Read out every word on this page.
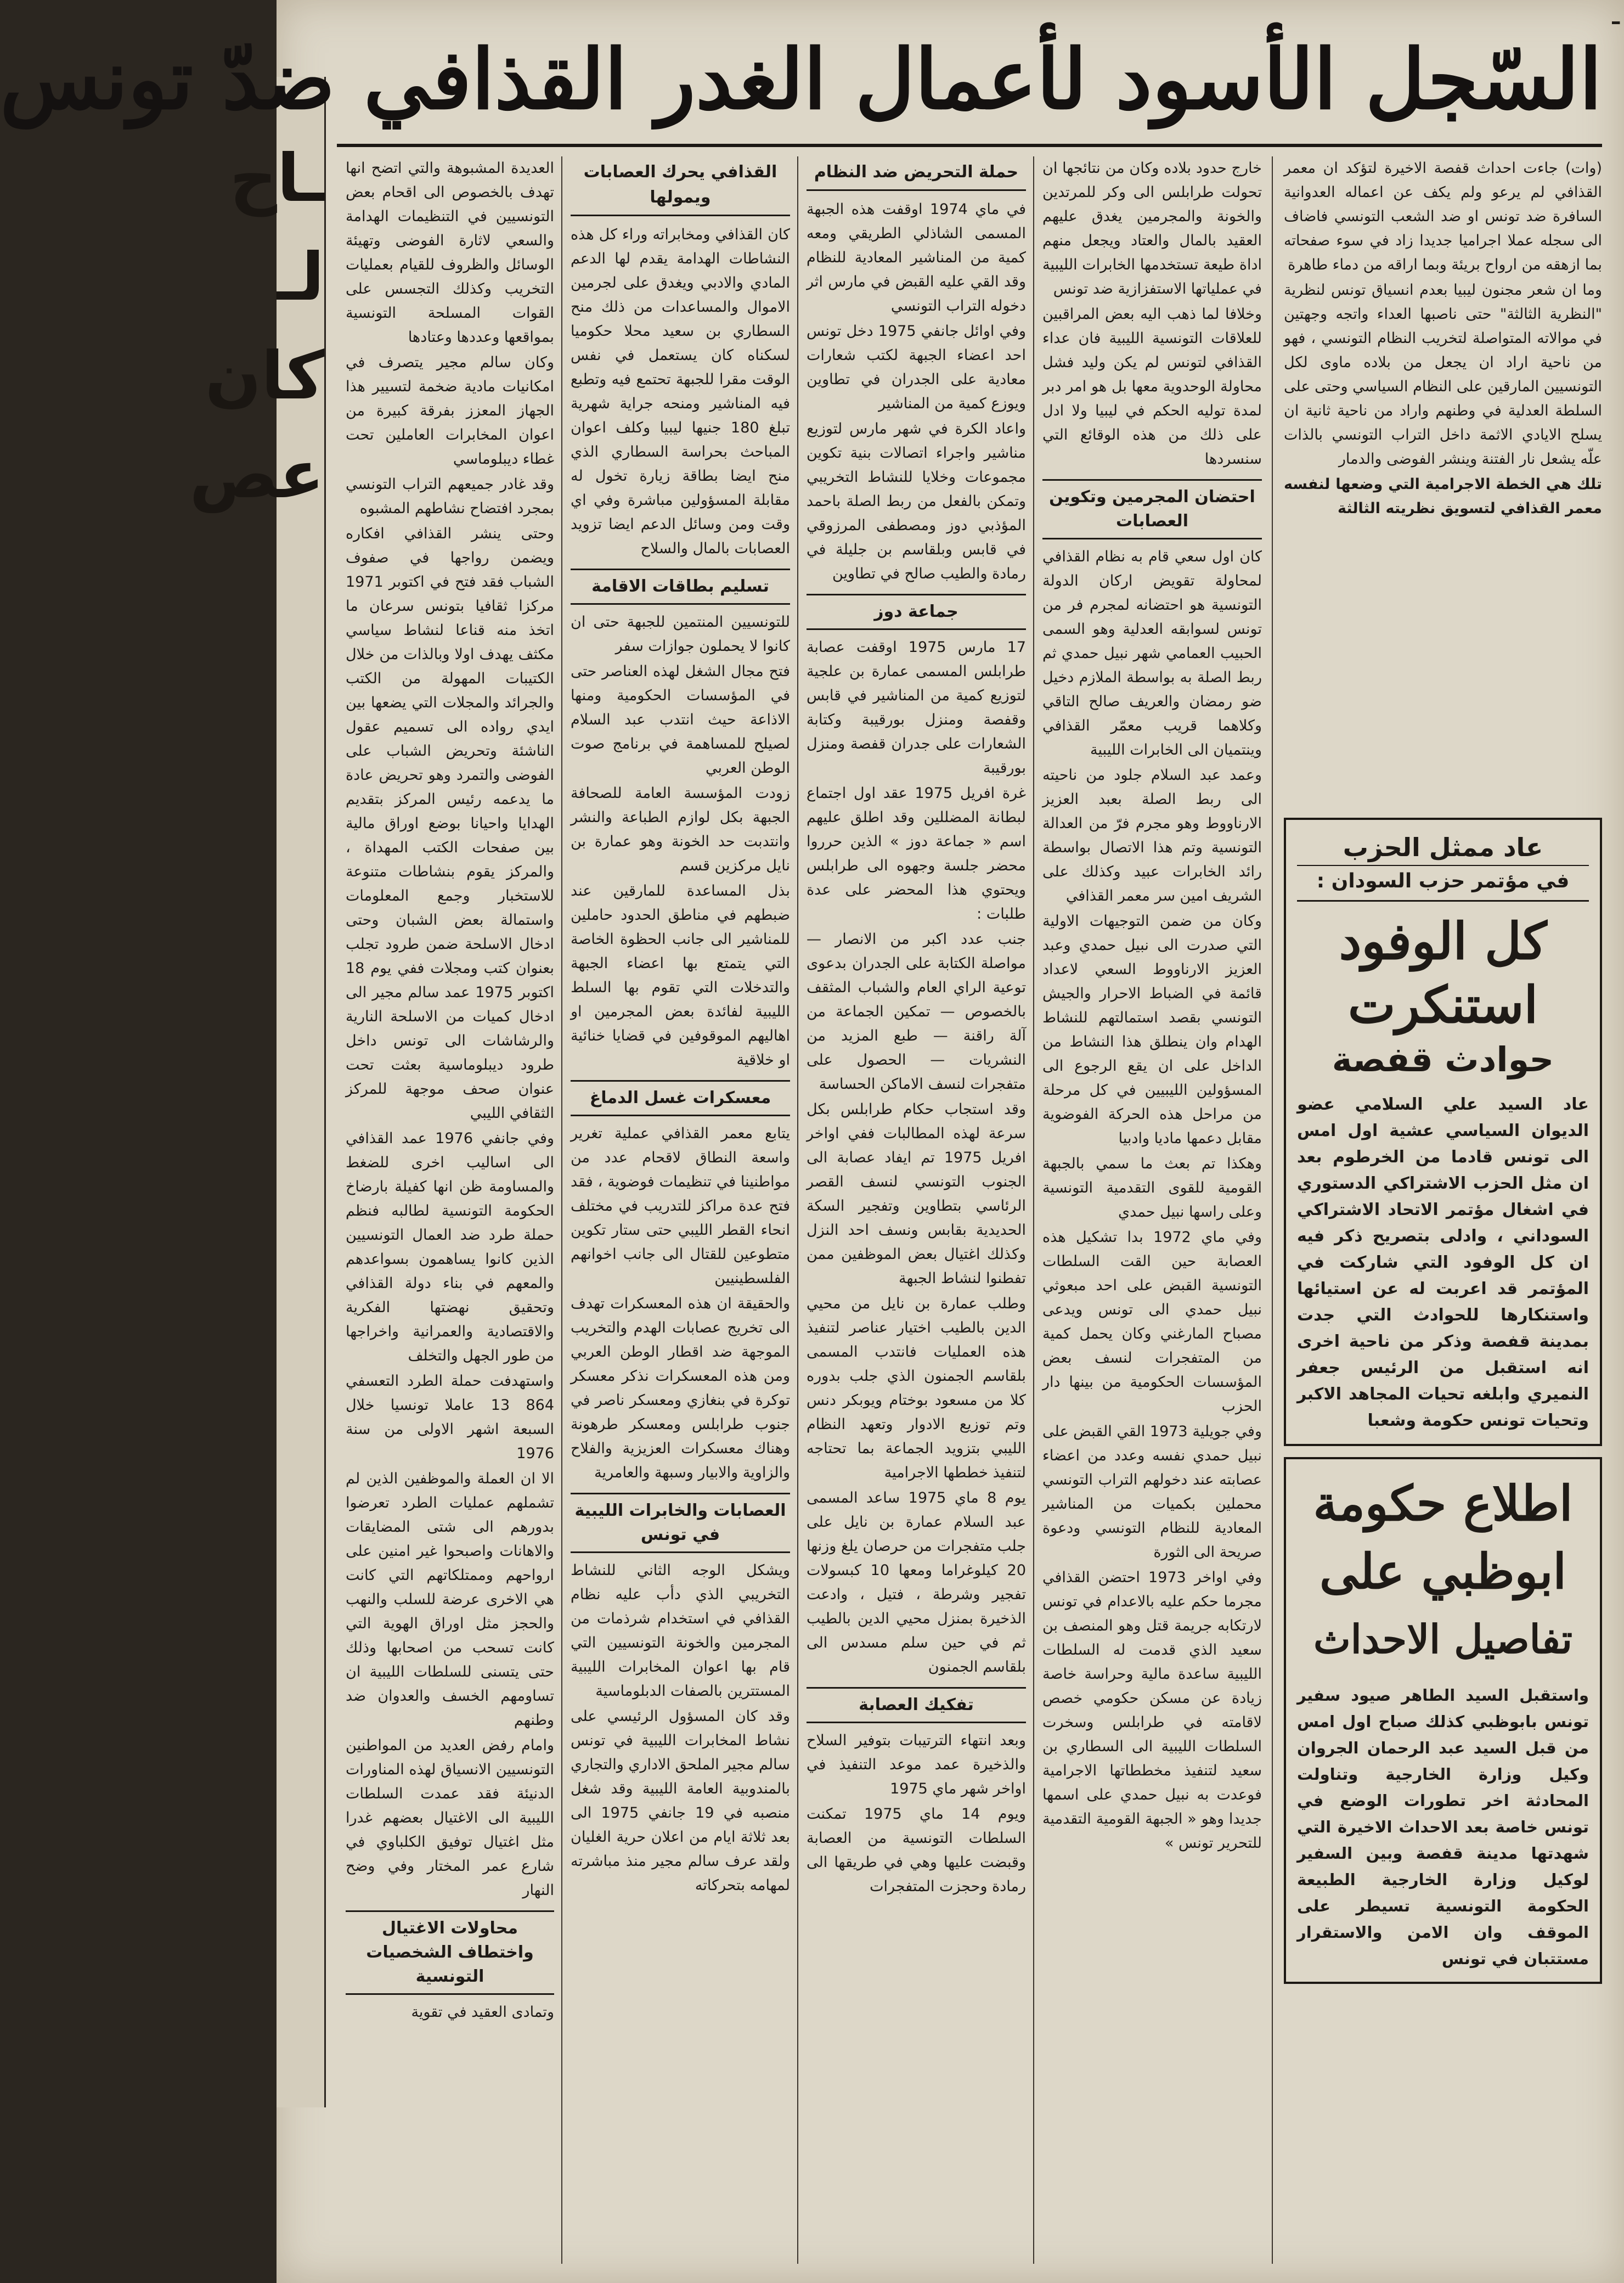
ـ
ـاح
لـ
كان
عص
السّجل الأسود لأعمال الغدر القذافي ضدّ تونس

(وات) جاءت احداث قفصة الاخيرة لتؤكد ان معمر القذافي لم يرعو ولم يكف عن اعماله العدوانية السافرة ضد تونس او ضد الشعب التونسي فاضاف الى سجله عملا اجراميا جديدا زاد في سوء صفحاته بما ازهقه من ارواح بريئة وبما اراقه من دماء طاهرة

وما ان شعر مجنون ليبيا بعدم انسياق تونس لنظرية "النظرية الثالثة" حتى ناصبها العداء واتجه وجهتين في موالاته المتواصلة لتخريب النظام التونسي ، فهو من ناحية اراد ان يجعل من بلاده ماوى لكل التونسيين المارقين على النظام السياسي وحتى على السلطة العدلية في وطنهم واراد من ناحية ثانية ان يسلح الايادي الاثمة داخل التراب التونسي بالذات علّه يشعل نار الفتنة وينشر الفوضى والدمار

تلك هي الخطة الاجرامية التي وضعها لنفسه معمر القذافي لتسويق نظريته الثالثة

عاد ممثل الحزب
في مؤتمر حزب السودان :
كل الوفود استنكرت
حوادث قفصة
عاد السيد علي السلامي عضو الديوان السياسي عشية اول امس الى تونس قادما من الخرطوم بعد ان مثل الحزب الاشتراكي الدستوري في اشغال مؤتمر الاتحاد الاشتراكي السوداني ، وادلى بتصريح ذكر فيه ان كل الوفود التي شاركت في المؤتمر قد اعربت له عن استيائها واستنكارها للحوادث التي جدت بمدينة قفصة وذكر من ناحية اخرى انه استقبل من الرئيس جعفر النميري وابلغه تحيات المجاهد الاكبر وتحيات تونس حكومة وشعبا
اطلاع حكومة
ابوظبي على
تفاصيل الاحداث
واستقبل السيد الطاهر صيود سفير تونس بابوظبي كذلك صباح اول امس من قبل السيد عبد الرحمان الجروان وكيل وزارة الخارجية وتناولت المحادثة اخر تطورات الوضع في تونس خاصة بعد الاحداث الاخيرة التي شهدتها مدينة قفصة وبين السفير لوكيل وزارة الخارجية الطبيعة الحكومة التونسية تسيطر على الموقف وان الامن والاستقرار مستتبان في تونس

خارج حدود بلاده وكان من نتائجها ان تحولت طرابلس الى وكر للمرتدين والخونة والمجرمين يغدق عليهم العقيد بالمال والعتاد ويجعل منهم اداة طيعة تستخدمها الخابرات الليبية في عملياتها الاستفزازية ضد تونس

وخلافا لما ذهب اليه بعض المراقبين للعلاقات التونسية الليبية فان عداء القذافي لتونس لم يكن وليد فشل محاولة الوحدوية معها بل هو امر دبر لمدة توليه الحكم في ليبيا ولا ادل على ذلك من هذه الوقائع التي سنسردها

احتضان المجرمين وتكوين العصابات

كان اول سعي قام به نظام القذافي لمحاولة تقويض اركان الدولة التونسية هو احتضانه لمجرم فر من تونس لسوابقه العدلية وهو السمى الحبيب العمامي شهر نبيل حمدي ثم ربط الصلة به بواسطة الملازم دخيل ضو رمضان والعريف صالح التاقي وكلاهما قريب معمّر القذافي وينتميان الى الخابرات الليبية

وعمد عبد السلام جلود من ناحيته الى ربط الصلة بعبد العزيز الارناووط وهو مجرم فرّ من العدالة التونسية وتم هذا الاتصال بواسطة رائد الخابرات عبيد وكذلك على الشريف امين سر معمر القذافي

وكان من ضمن التوجيهات الاولية التي صدرت الى نبيل حمدي وعبد العزيز الارناووط السعي لاعداد قائمة في الضباط الاحرار والجيش التونسي بقصد استمالتهم للنشاط الهدام وان ينطلق هذا النشاط من الداخل على ان يقع الرجوع الى المسؤولين الليبيين في كل مرحلة من مراحل هذه الحركة الفوضوية مقابل دعمها ماديا وادبيا

وهكذا تم بعث ما سمي بالجبهة القومية للقوى التقدمية التونسية وعلى راسها نبيل حمدي

وفي ماي 1972 بدا تشكيل هذه العصابة حين القت السلطات التونسية القبض على احد مبعوثي نبيل حمدي الى تونس ويدعى مصباح المارغني وكان يحمل كمية من المتفجرات لنسف بعض المؤسسات الحكومية من بينها دار الحزب

وفي جويلية 1973 القي القبض على نبيل حمدي نفسه وعدد من اعضاء عصابته عند دخولهم التراب التونسي محملين بكميات من المناشير المعادية للنظام التونسي ودعوة صريحة الى الثورة

وفي اواخر 1973 احتضن القذافي مجرما حكم عليه بالاعدام في تونس لارتكابه جريمة قتل وهو المنصف بن سعيد الذي قدمت له السلطات الليبية ساعدة مالية وحراسة خاصة زيادة عن مسكن حكومي خصص لاقامته في طرابلس وسخرت السلطات الليبية الى السطاري بن سعيد لتنفيذ مخططاتها الاجرامية فوعدت به نبيل حمدي على اسمها جديدا وهو « الجبهة القومية التقدمية للتحرير تونس »

حملة التحريض ضد النظام

في ماي 1974 اوقفت هذه الجبهة المسمى الشاذلي الطريقي ومعه كمية من المناشير المعادية للنظام وقد القي عليه القبض في مارس اثر دخوله التراب التونسي

وفي اوائل جانفي 1975 دخل تونس احد اعضاء الجبهة لكتب شعارات معادية على الجدران في تطاوين ويوزع كمية من المناشير

واعاد الكرة في شهر مارس لتوزيع مناشير واجراء اتصالات بنية تكوين مجموعات وخلايا للنشاط التخريبي وتمكن بالفعل من ربط الصلة باحمد المؤذبي دوز ومصطفى المرزوقي في قابس وبلقاسم بن جليلة في رمادة والطيب صالح في تطاوين

جماعة دوز

17 مارس 1975 اوقفت عصابة طرابلس المسمى عمارة بن علجية لتوزيع كمية من المناشير في قابس وقفصة ومنزل بورقيبة وكتابة الشعارات على جدران قفصة ومنزل بورقيبة

غرة افريل 1975 عقد اول اجتماع لبطانة المضللين وقد اطلق عليهم اسم « جماعة دوز » الذين حرروا محضر جلسة وجهوه الى طرابلس ويحتوي هذا المحضر على عدة طلبات :

جنب عدد اكبر من الانصار — مواصلة الكتابة على الجدران بدعوى توعية الراي العام والشباب المثقف بالخصوص — تمكين الجماعة من آلة راقنة — طبع المزيد من النشريات — الحصول على متفجرات لنسف الاماكن الحساسة

وقد استجاب حكام طرابلس بكل سرعة لهذه المطالبات ففي اواخر افريل 1975 تم ايفاد عصابة الى الجنوب التونسي لنسف القصر الرئاسي بتطاوين وتفجير السكة الحديدية بقابس ونسف احد النزل وكذلك اغتيال بعض الموظفين ممن تفطنوا لنشاط الجبهة

وطلب عمارة بن نايل من محيي الدين بالطيب اختيار عناصر لتنفيذ هذه العمليات فانتدب المسمى بلقاسم الجمنون الذي جلب بدوره كلا من مسعود بوختام ويوبكر دنس وتم توزيع الادوار وتعهد النظام الليبي بتزويد الجماعة بما تحتاجه لتنفيذ خططها الاجرامية

يوم 8 ماي 1975 ساعد المسمى عبد السلام عمارة بن نايل على جلب متفجرات من حرصان يلغ وزنها 20 كيلوغراما ومعها 10 كبسولات تفجير وشرطة ، فتيل ، وادعت الذخيرة بمنزل محيي الدين بالطيب ثم في حين سلم مسدس الى بلقاسم الجمنون

تفكيك العصابة

وبعد انتهاء الترتيبات بتوفير السلاح والذخيرة عمد موعد التنفيذ في اواخر شهر ماي 1975

ويوم 14 ماي 1975 تمكنت السلطات التونسية من العصابة وقبضت عليها وهي في طريقها الى رمادة وحجزت المتفجرات

القذافي يحرك العصابات ويمولها

كان القذافي ومخابراته وراء كل هذه النشاطات الهدامة يقدم لها الدعم المادي والادبي ويغدق على لجرمين الاموال والمساعدات من ذلك منح السطاري بن سعيد محلا حكوميا لسكناه كان يستعمل في نفس الوقت مقرا للجبهة تحتمع فيه وتطبع فيه المناشير ومنحه جراية شهرية تبلغ 180 جنيها ليبيا وكلف اعوان المباحث بحراسة السطاري الذي منح ايضا بطاقة زيارة تخول له مقابلة المسؤولين مباشرة وفي اي وقت ومن وسائل الدعم ايضا تزويد العصابات بالمال والسلاح

تسليم بطاقات الاقامة

للتونسيين المنتمين للجبهة حتى ان كانوا لا يحملون جوازات سفر

فتح مجال الشغل لهذه العناصر حتى في المؤسسات الحكومية ومنها الاذاعة حيث انتدب عبد السلام لصيلح للمساهمة في برنامج صوت الوطن العربي

زودت المؤسسة العامة للصحافة الجبهة بكل لوازم الطباعة والنشر وانتدبت حد الخونة وهو عمارة بن نايل مركزين قسم

بذل المساعدة للمارقين عند ضبطهم في مناطق الحدود حاملين للمناشير الى جانب الحظوة الخاصة التي يتمتع بها اعضاء الجبهة والتدخلات التي تقوم بها السلط الليبية لفائدة بعض المجرمين او اهاليهم الموقوفين في قضايا خنائية او خلاقية

معسكرات غسل الدماغ

يتابع معمر القذافي عملية تغرير واسعة النطاق لاقحام عدد من مواطنينا في تنظيمات فوضوية ، فقد فتح عدة مراكز للتدريب في مختلف انحاء القطر الليبي حتى ستار تكوين متطوعين للقتال الى جانب اخوانهم الفلسطينيين

والحقيقة ان هذه المعسكرات تهدف الى تخريج عصابات الهدم والتخريب الموجهة ضد اقطار الوطن العربي ومن هذه المعسكرات نذكر معسكر توكرة في بنغازي ومعسكر ناصر في جنوب طرابلس ومعسكر طرهونة وهناك معسكرات العزيزية والفلاح والزاوية والابيار وسبهة والعامرية

العصابات والخابرات الليبية في تونس

ويشكل الوجه الثاني للنشاط التخريبي الذي دأب عليه نظام القذافي في استخدام شرذمات من المجرمين والخونة التونسيين التي قام بها اعوان المخابرات الليبية المستترين بالصفات الدبلوماسية

وقد كان المسؤول الرئيسي على نشاط المخابرات الليبية في تونس سالم مجير الملحق الاداري والتجاري بالمندوبية العامة الليبية وقد شغل منصبه في 19 جانفي 1975 الى بعد ثلاثة ايام من اعلان حرية الغليان ولقد عرف سالم مجير منذ مباشرته لمهامه بتحركاته

العديدة المشبوهة والتي اتضح انها تهدف بالخصوص الى اقحام بعض التونسيين في التنظيمات الهدامة والسعي لاثارة الفوضى وتهيئة الوسائل والظروف للقيام بعمليات التخريب وكذلك التجسس على القوات المسلحة التونسية بمواقعها وعددها وعتادها

وكان سالم مجير يتصرف في امكانيات مادية ضخمة لتسيير هذا الجهاز المعزز بفرقة كبيرة من اعوان المخابرات العاملين تحت غطاء ديبلوماسي

وقد غادر جميعهم التراب التونسي بمجرد افتضاح نشاطهم المشبوه

وحتى ينشر القذافي افكاره ويضمن رواجها في صفوف الشباب فقد فتح في اكتوبر 1971 مركزا ثقافيا بتونس سرعان ما اتخذ منه قناعا لنشاط سياسي مكثف يهدف اولا وبالذات من خلال الكتيبات المهولة من الكتب والجرائد والمجلات التي يضعها بين ايدي رواده الى تسميم عقول الناشئة وتحريض الشباب على الفوضى والتمرد وهو تحريض عادة ما يدعمه رئيس المركز بتقديم الهدايا واحيانا بوضع اوراق مالية بين صفحات الكتب المهداة ، والمركز يقوم بنشاطات متنوعة للاستخبار وجمع المعلومات واستمالة بعض الشبان وحتى ادخال الاسلحة ضمن طرود تجلب بعنوان كتب ومجلات ففي يوم 18 اكتوبر 1975 عمد سالم مجير الى ادخال كميات من الاسلحة النارية والرشاشات الى تونس داخل طرود ديبلوماسية بعثت تحت عنوان صحف موجهة للمركز الثقافي الليبي

وفي جانفي 1976 عمد القذافي الى اساليب اخرى للضغط والمساومة ظن انها كفيلة بارضاخ الحكومة التونسية لطالبه فنظم حملة طرد ضد العمال التونسيين الذين كانوا يساهمون بسواعدهم والمعهم في بناء دولة القذافي وتحقيق نهضتها الفكرية والاقتصادية والعمرانية واخراجها من طور الجهل والتخلف

واستهدفت حملة الطرد التعسفي 864 13 عاملا تونسيا خلال السبعة اشهر الاولى من سنة 1976

الا ان العملة والموظفين الذين لم تشملهم عمليات الطرد تعرضوا بدورهم الى شتى المضايقات والاهانات واصبحوا غير امنين على ارواحهم وممتلكاتهم التي كانت هي الاخرى عرضة للسلب والنهب والحجز مثل اوراق الهوية التي كانت تسحب من اصحابها وذلك حتى يتسنى للسلطات الليبية ان تساومهم الخسف والعدوان ضد وطنهم

وامام رفض العديد من المواطنين التونسيين الانسياق لهذه المناورات الدنيئة فقد عمدت السلطات الليبية الى الاغتيال بعضهم غدرا مثل اغتيال توفيق الكلباوي في شارع عمر المختار وفي وضح النهار

محاولات الاغتيال واختطاف الشخصيات التونسية

وتمادى العقيد في تقوية
